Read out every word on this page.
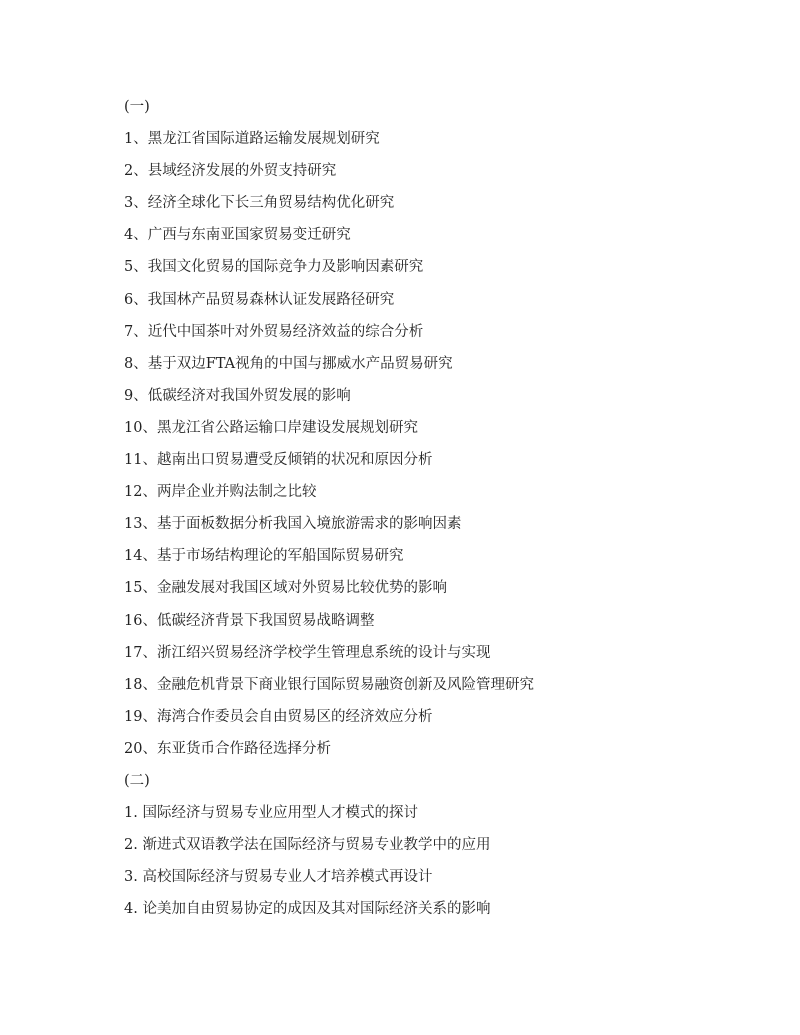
(一)
1、黑龙江省国际道路运输发展规划研究
2、县域经济发展的外贸支持研究
3、经济全球化下长三角贸易结构优化研究
4、广西与东南亚国家贸易变迁研究
5、我国文化贸易的国际竞争力及影响因素研究
6、我国林产品贸易森林认证发展路径研究
7、近代中国茶叶对外贸易经济效益的综合分析
8、基于双边FTA视角的中国与挪威水产品贸易研究
9、低碳经济对我国外贸发展的影响
10、黑龙江省公路运输口岸建设发展规划研究
11、越南出口贸易遭受反倾销的状况和原因分析
12、两岸企业并购法制之比较
13、基于面板数据分析我国入境旅游需求的影响因素
14、基于市场结构理论的军船国际贸易研究
15、金融发展对我国区域对外贸易比较优势的影响
16、低碳经济背景下我国贸易战略调整
17、浙江绍兴贸易经济学校学生管理息系统的设计与实现
18、金融危机背景下商业银行国际贸易融资创新及风险管理研究
19、海湾合作委员会自由贸易区的经济效应分析
20、东亚货币合作路径选择分析
(二)
1. 国际经济与贸易专业应用型人才模式的探讨
2. 渐进式双语教学法在国际经济与贸易专业教学中的应用
3. 高校国际经济与贸易专业人才培养模式再设计
4. 论美加自由贸易协定的成因及其对国际经济关系的影响
